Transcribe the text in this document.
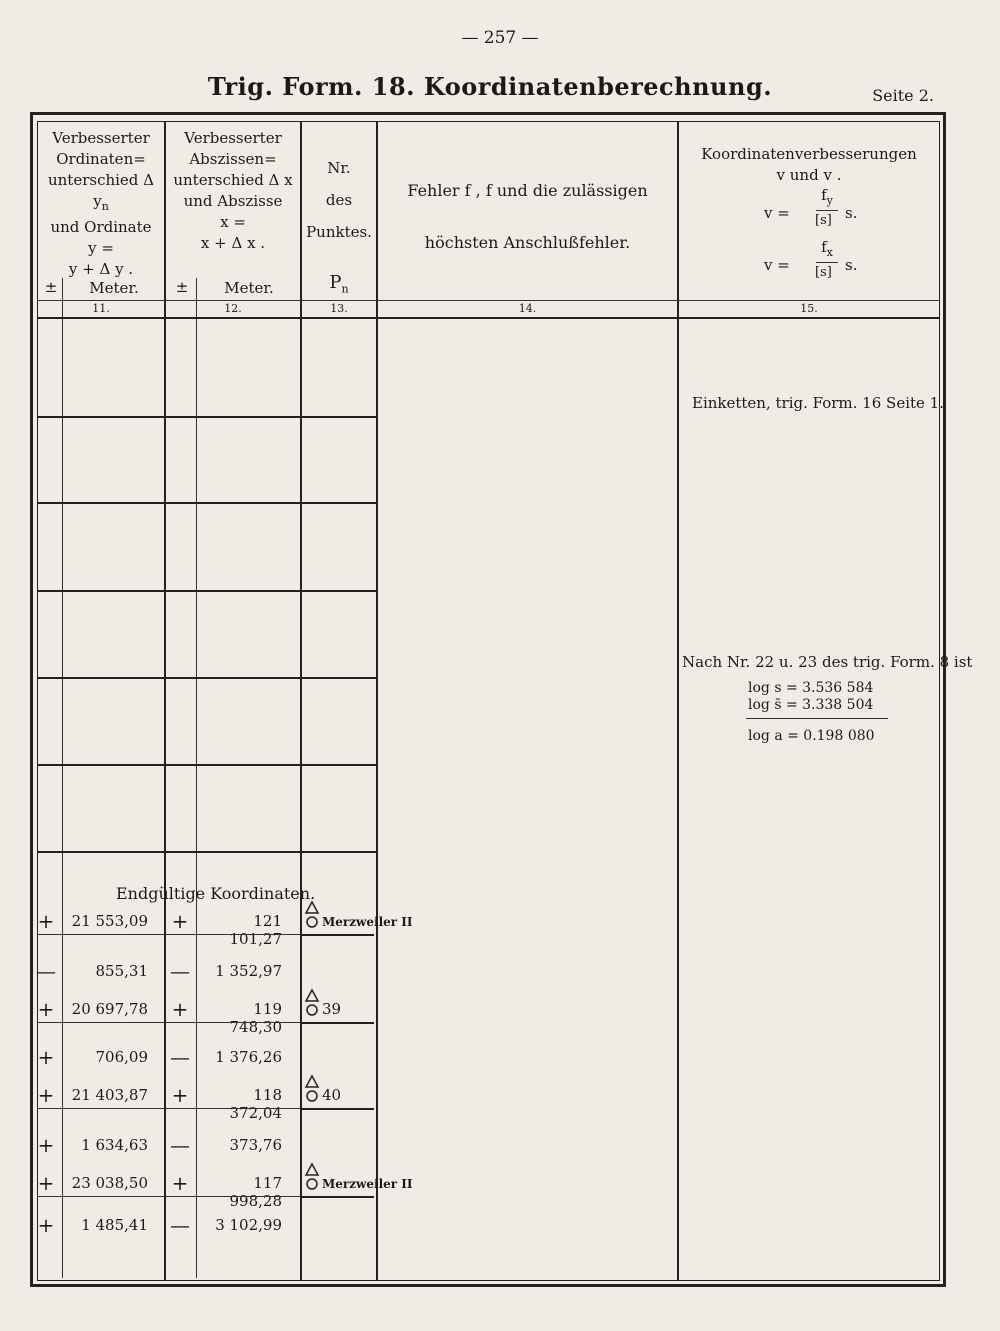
— 257 —
Trig. Form. 18. Koordinatenberechnung.	Seite 2.
Verbesserter
Ordinaten=
unterschied Δ $y_n$
und Ordinate
y =
y + Δ y .
±	Meter.
11.
Verbesserter
Abszissen=
unterschied Δ x
und Abszisse
x =
x + Δ x .
±	Meter.
12.
Nr.
des
Punktes.
$P_n$
13.
Fehler f , f und die zulässigen
höchsten Anschlußfehler.
14.
Koordinatenverbesserungen
v und v .
v =
$f_y$
[s] s.
v =
$f_x$
[s] s.
15.
Einketten, trig. Form. 16 Seite 1.
Nach Nr. 22 u. 23 des trig. Form. 8 ist
log s = 3.536 584
log s̄ = 3.338 504
log a = 0.198 080
Endgültige Koordinaten.
+	21 553,09 +	121 101,27
Merzweiler II
—	855,31 —	1 352,97
+	20 697,78 +	119 748,30
39
+	706,09 —	1 376,26
+	21 403,87 +	118 372,04
40
+	1 634,63 —	373,76
+	23 038,50 +	117 998,28
Merzweiler II
+	1 485,41 —	3 102,99
